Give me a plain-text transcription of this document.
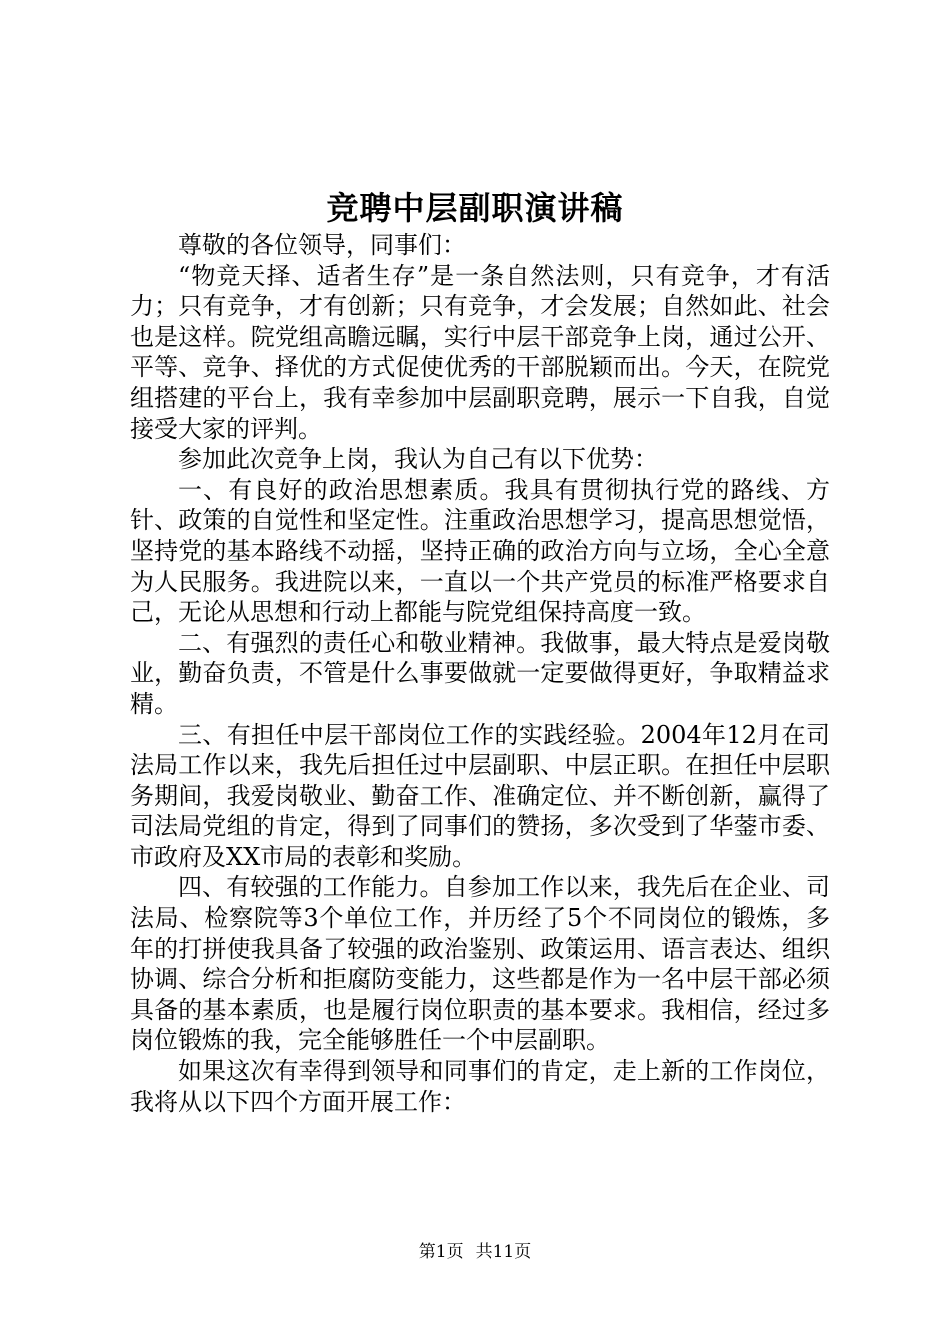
竞聘中层副职演讲稿

尊敬的各位领导，同事们：

“物竞天择、适者生存”是一条自然法则，只有竞争，才有活力；只有竞争，才有创新；只有竞争，才会发展；自然如此、社会也是这样。院党组高瞻远瞩，实行中层干部竞争上岗，通过公开、平等、竞争、择优的方式促使优秀的干部脱颖而出。今天，在院党组搭建的平台上，我有幸参加中层副职竞聘，展示一下自我，自觉接受大家的评判。

参加此次竞争上岗，我认为自己有以下优势：

一、有良好的政治思想素质。我具有贯彻执行党的路线、方针、政策的自觉性和坚定性。注重政治思想学习，提高思想觉悟，坚持党的基本路线不动摇，坚持正确的政治方向与立场，全心全意为人民服务。我进院以来，一直以一个共产党员的标准严格要求自己，无论从思想和行动上都能与院党组保持高度一致。

二、有强烈的责任心和敬业精神。我做事，最大特点是爱岗敬业，勤奋负责，不管是什么事要做就一定要做得更好，争取精益求精。

三、有担任中层干部岗位工作的实践经验。2004年12月在司法局工作以来，我先后担任过中层副职、中层正职。在担任中层职务期间，我爱岗敬业、勤奋工作、准确定位、并不断创新，赢得了司法局党组的肯定，得到了同事们的赞扬，多次受到了华蓥市委、市政府及XX市局的表彰和奖励。

四、有较强的工作能力。自参加工作以来，我先后在企业、司法局、检察院等3个单位工作，并历经了5个不同岗位的锻炼，多年的打拼使我具备了较强的政治鉴别、政策运用、语言表达、组织协调、综合分析和拒腐防变能力，这些都是作为一名中层干部必须具备的基本素质，也是履行岗位职责的基本要求。我相信，经过多岗位锻炼的我，完全能够胜任一个中层副职。

如果这次有幸得到领导和同事们的肯定，走上新的工作岗位，我将从以下四个方面开展工作：

第1页 共11页
